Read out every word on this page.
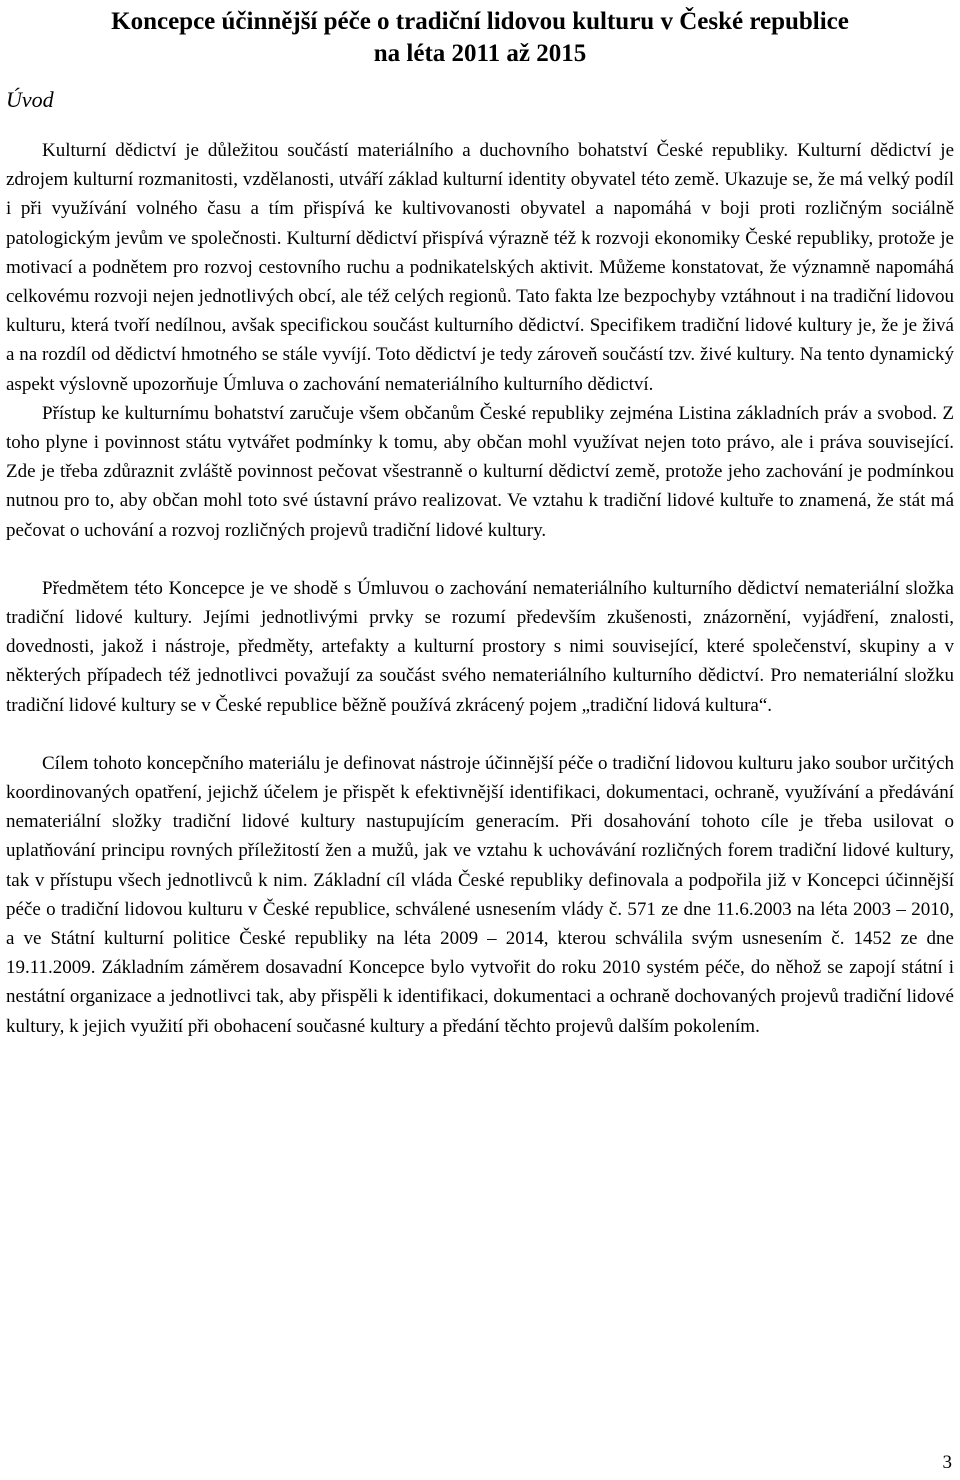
Koncepce účinnější péče o tradiční lidovou kulturu v České republice
na léta 2011 až 2015
Úvod

Kulturní dědictví je důležitou součástí materiálního a duchovního bohatství České republiky. Kulturní dědictví je zdrojem kulturní rozmanitosti, vzdělanosti, utváří základ kulturní identity obyvatel této země. Ukazuje se, že má velký podíl i při využívání volného času a tím přispívá ke kultivovanosti obyvatel a napomáhá v boji proti rozličným sociálně patologickým jevům ve společnosti. Kulturní dědictví přispívá výrazně též k rozvoji ekonomiky České republiky, protože je motivací a podnětem pro rozvoj cestovního ruchu a podnikatelských aktivit. Můžeme konstatovat, že významně napomáhá celkovému rozvoji nejen jednotlivých obcí, ale též celých regionů. Tato fakta lze bezpochyby vztáhnout i na tradiční lidovou kulturu, která tvoří nedílnou, avšak specifickou součást kulturního dědictví. Specifikem tradiční lidové kultury je, že je živá a na rozdíl od dědictví hmotného se stále vyvíjí. Toto dědictví je tedy zároveň součástí tzv. živé kultury. Na tento dynamický aspekt výslovně upozorňuje Úmluva o zachování nemateriálního kulturního dědictví.

Přístup ke kulturnímu bohatství zaručuje všem občanům České republiky zejména Listina základních práv a svobod. Z toho plyne i povinnost státu vytvářet podmínky k tomu, aby občan mohl využívat nejen toto právo, ale i práva související. Zde je třeba zdůraznit zvláště povinnost pečovat všestranně o kulturní dědictví země, protože jeho zachování je podmínkou nutnou pro to, aby občan mohl toto své ústavní právo realizovat. Ve vztahu k tradiční lidové kultuře to znamená, že stát má pečovat o uchování a rozvoj rozličných projevů tradiční lidové kultury.

Předmětem této Koncepce je ve shodě s Úmluvou o zachování nemateriálního kulturního dědictví nemateriální složka tradiční lidové kultury. Jejími jednotlivými prvky se rozumí především zkušenosti, znázornění, vyjádření, znalosti, dovednosti, jakož i nástroje, předměty, artefakty a kulturní prostory s nimi související, které společenství, skupiny a v některých případech též jednotlivci považují za součást svého nemateriálního kulturního dědictví. Pro nemateriální složku tradiční lidové kultury se v České republice běžně používá zkrácený pojem „tradiční lidová kultura“.

Cílem tohoto koncepčního materiálu je definovat nástroje účinnější péče o tradiční lidovou kulturu jako soubor určitých koordinovaných opatření, jejichž účelem je přispět k efektivnější identifikaci, dokumentaci, ochraně, využívání a předávání nemateriální složky tradiční lidové kultury nastupujícím generacím. Při dosahování tohoto cíle je třeba usilovat o uplatňování principu rovných příležitostí žen a mužů, jak ve vztahu k uchovávání rozličných forem tradiční lidové kultury, tak v přístupu všech jednotlivců k nim. Základní cíl vláda České republiky definovala a podpořila již v Koncepci účinnější péče o tradiční lidovou kulturu v České republice, schválené usnesením vlády č. 571 ze dne 11.6.2003 na léta 2003 – 2010, a ve Státní kulturní politice České republiky na léta 2009 – 2014, kterou schválila svým usnesením č. 1452 ze dne 19.11.2009. Základním záměrem dosavadní Koncepce bylo vytvořit do roku 2010 systém péče, do něhož se zapojí státní i nestátní organizace a jednotlivci tak, aby přispěli k identifikaci, dokumentaci a ochraně dochovaných projevů tradiční lidové kultury, k jejich využití při obohacení současné kultury a předání těchto projevů dalším pokolením.

3
